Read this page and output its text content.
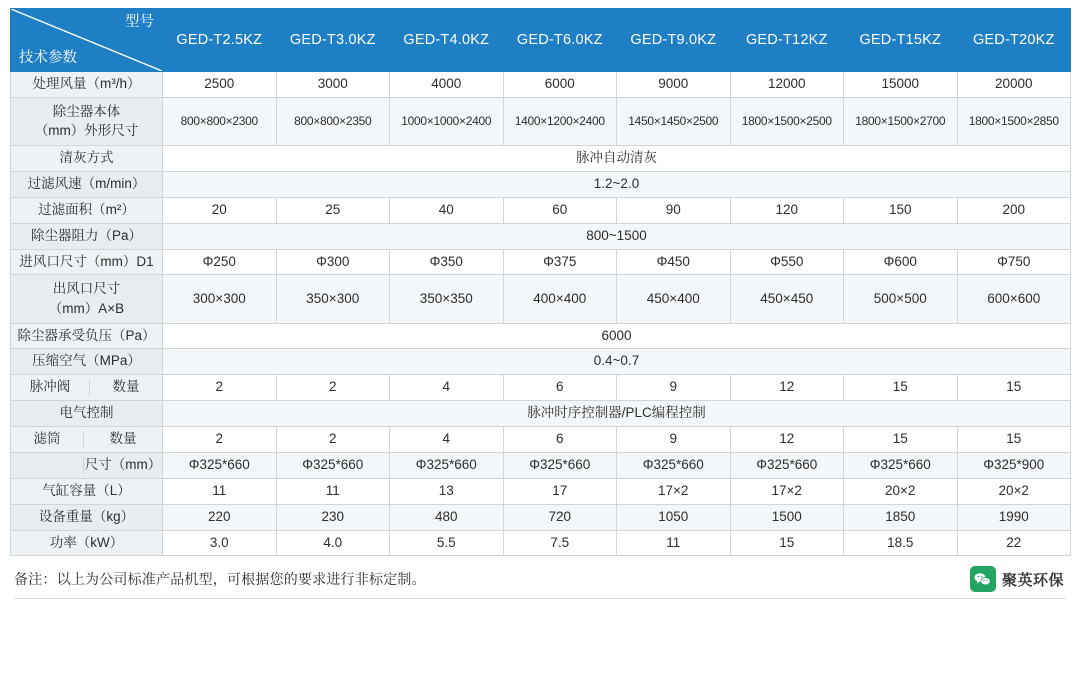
型号
技术参数	GED-T2.5KZ	GED-T3.0KZ	GED-T4.0KZ	GED-T6.0KZ	GED-T9.0KZ	GED-T12KZ	GED-T15KZ	GED-T20KZ
处理风量（m³/h）	2500	3000	4000	6000	9000	12000	15000	20000

除尘器本体
（mm）外形尺寸	800×800×2300	800×800×2350	1000×1000×2400	1400×1200×2400	1450×1450×2500	1800×1500×2500	1800×1500×2700	1800×1500×2850
清灰方式	脉冲自动清灰							
过滤风速（m/min）	1.2~2.0							
过滤面积（m²）	20	25	40	60	90	120	150	200
除尘器阻力（Pa）	800~1500							
进风口尺寸（mm）D1	Φ250	Φ300	Φ350	Φ375	Φ450	Φ550	Φ600	Φ750

出风口尺寸
（mm）A×B	300×300	350×300	350×350	400×400	450×400	450×450	500×500	600×600
除尘器承受负压（Pa）	6000							
压缩空气（MPa）	0.4~0.7							

脉冲阀 数量	2	2	4	6	9	12	15	15
电气控制	脉冲时序控制器/PLC编程控制							

滤筒 数量	2	2	4	6	9	12	15	15

尺寸（mm）	Φ325*660	Φ325*660	Φ325*660	Φ325*660	Φ325*660	Φ325*660	Φ325*660	Φ325*900
气缸容量（L）	11	11	13	17	17×2	17×2	20×2	20×2
设备重量（kg）	220	230	480	720	1050	1500	1850	1990
功率（kW）	3.0	4.0	5.5	7.5	11	15	18.5	22
备注：以上为公司标准产品机型，可根据您的要求进行非标定制。	聚英环保
